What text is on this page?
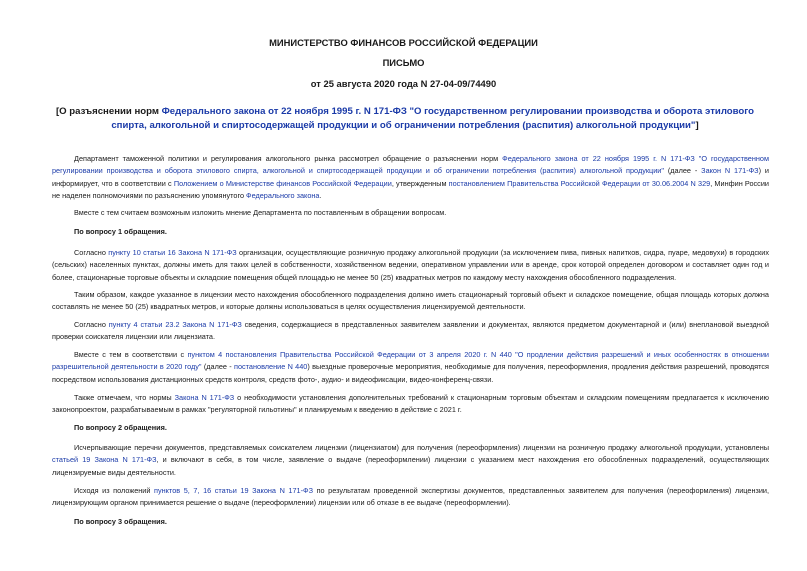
МИНИСТЕРСТВО ФИНАНСОВ РОССИЙСКОЙ ФЕДЕРАЦИИ
ПИСЬМО
от 25 августа 2020 года N 27-04-09/74490
[О разъяснении норм Федерального закона от 22 ноября 1995 г. N 171-ФЗ "О государственном регулировании производства и оборота этилового спирта, алкогольной и спиртосодержащей продукции и об ограничении потребления (распития) алкогольной продукции"]

Департамент таможенной политики и регулирования алкогольного рынка рассмотрел обращение о разъяснении норм Федерального закона от 22 ноября 1995 г. N 171-ФЗ "О государственном регулировании производства и оборота этилового спирта, алкогольной и спиртосодержащей продукции и об ограничении потребления (распития) алкогольной продукции" (далее - Закон N 171-ФЗ) и информирует, что в соответствии с Положением о Министерстве финансов Российской Федерации, утвержденным постановлением Правительства Российской Федерации от 30.06.2004 N 329, Минфин России не наделен полномочиями по разъяснению упомянутого Федерального закона.

Вместе с тем считаем возможным изложить мнение Департамента по поставленным в обращении вопросам.

По вопросу 1 обращения.

Согласно пункту 10 статьи 16 Закона N 171-ФЗ организации, осуществляющие розничную продажу алкогольной продукции (за исключением пива, пивных напитков, сидра, пуаре, медовухи) в городских (сельских) населенных пунктах, должны иметь для таких целей в собственности, хозяйственном ведении, оперативном управлении или в аренде, срок которой определен договором и составляет один год и более, стационарные торговые объекты и складские помещения общей площадью не менее 50 (25) квадратных метров по каждому месту нахождения обособленного подразделения.

Таким образом, каждое указанное в лицензии место нахождения обособленного подразделения должно иметь стационарный торговый объект и складское помещение, общая площадь которых должна составлять не менее 50 (25) квадратных метров, и которые должны использоваться в целях осуществления лицензируемой деятельности.

Согласно пункту 4 статьи 23.2 Закона N 171-ФЗ сведения, содержащиеся в представленных заявителем заявлении и документах, являются предметом документарной и (или) внеплановой выездной проверки соискателя лицензии или лицензиата.

Вместе с тем в соответствии с пунктом 4 постановления Правительства Российской Федерации от 3 апреля 2020 г. N 440 "О продлении действия разрешений и иных особенностях в отношении разрешительной деятельности в 2020 году" (далее - постановление N 440) выездные проверочные мероприятия, необходимые для получения, переоформления, продления действия разрешений, проводятся посредством использования дистанционных средств контроля, средств фото-, аудио- и видеофиксации, видео-конференц-связи.

Также отмечаем, что нормы Закона N 171-ФЗ о необходимости установления дополнительных требований к стационарным торговым объектам и складским помещениям предлагается к исключению законопроектом, разрабатываемым в рамках "регуляторной гильотины" и планируемым к введению в действие с 2021 г.

По вопросу 2 обращения.

Исчерпывающие перечни документов, представляемых соискателем лицензии (лицензиатом) для получения (переоформления) лицензии на розничную продажу алкогольной продукции, установлены статьей 19 Закона N 171-ФЗ, и включают в себя, в том числе, заявление о выдаче (переоформлении) лицензии с указанием мест нахождения его обособленных подразделений, осуществляющих лицензируемые виды деятельности.

Исходя из положений пунктов 5, 7, 16 статьи 19 Закона N 171-ФЗ по результатам проведенной экспертизы документов, представленных заявителем для получения (переоформления) лицензии, лицензирующим органом принимается решение о выдаче (переоформлении) лицензии или об отказе в ее выдаче (переоформлении).

По вопросу 3 обращения.
